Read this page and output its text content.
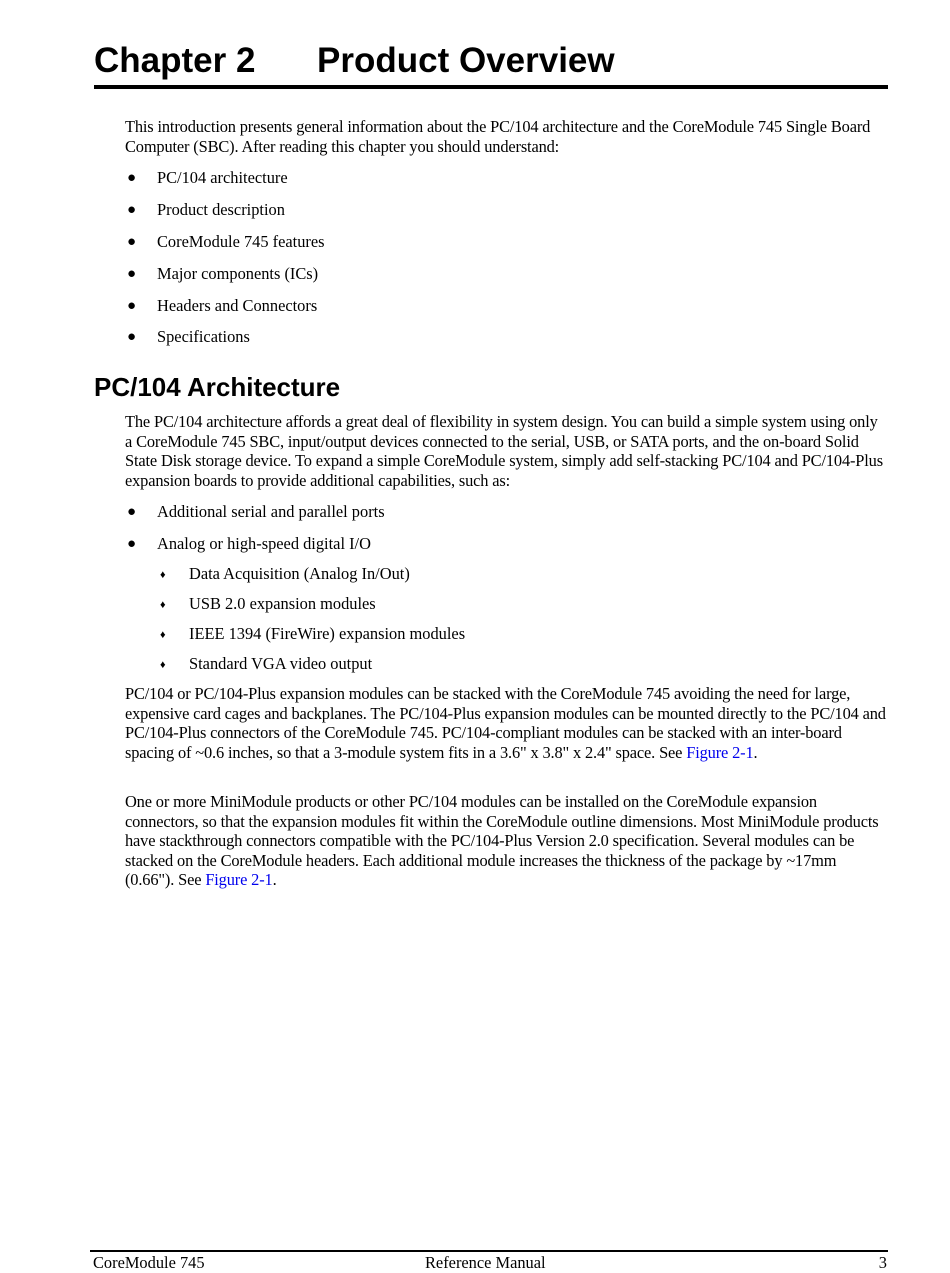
Chapter 2 Product Overview
This introduction presents general information about the PC/104 architecture and the CoreModule 745 Single Board Computer (SBC). After reading this chapter you should understand:
● PC/104 architecture
● Product description
● CoreModule 745 features
● Major components (ICs)
● Headers and Connectors
● Specifications
PC/104 Architecture
The PC/104 architecture affords a great deal of flexibility in system design. You can build a simple system using only a CoreModule 745 SBC, input/output devices connected to the serial, USB, or SATA ports, and the on-board Solid State Disk storage device. To expand a simple CoreModule system, simply add self-stacking PC/104 and PC/104-Plus expansion boards to provide additional capabilities, such as:
● Additional serial and parallel ports
● Analog or high-speed digital I/O
♦ Data Acquisition (Analog In/Out)
♦ USB 2.0 expansion modules
♦ IEEE 1394 (FireWire) expansion modules
♦ Standard VGA video output
PC/104 or PC/104-Plus expansion modules can be stacked with the CoreModule 745 avoiding the need for large, expensive card cages and backplanes. The PC/104-Plus expansion modules can be mounted directly to the PC/104 and PC/104-Plus connectors of the CoreModule 745. PC/104-compliant modules can be stacked with an inter-board spacing of ~0.6 inches, so that a 3-module system fits in a 3.6" x 3.8" x 2.4" space. See Figure 2-1.
One or more MiniModule products or other PC/104 modules can be installed on the CoreModule expansion connectors, so that the expansion modules fit within the CoreModule outline dimensions. Most MiniModule products have stackthrough connectors compatible with the PC/104-Plus Version 2.0 specification. Several modules can be stacked on the CoreModule headers. Each additional module increases the thickness of the package by ~17mm (0.66"). See Figure 2-1.
CoreModule 745	Reference Manual	3
